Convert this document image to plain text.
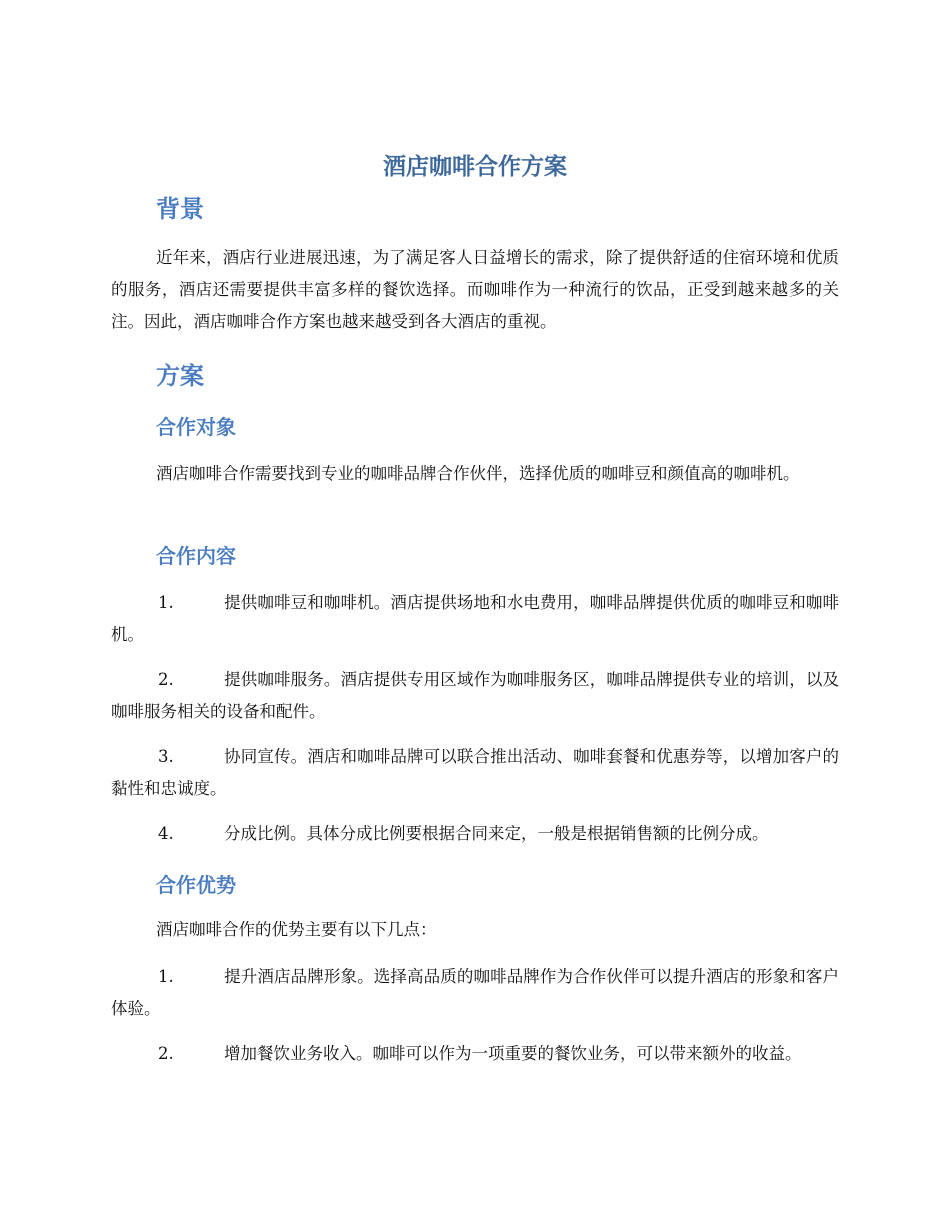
酒店咖啡合作方案
背景

近年来，酒店行业进展迅速，为了满足客人日益增长的需求，除了提供舒适的住宿环境和优质的服务，酒店还需要提供丰富多样的餐饮选择。而咖啡作为一种流行的饮品，正受到越来越多的关注。因此，酒店咖啡合作方案也越来越受到各大酒店的重视。

方案
合作对象

酒店咖啡合作需要找到专业的咖啡品牌合作伙伴，选择优质的咖啡豆和颜值高的咖啡机。

合作内容

1.	提供咖啡豆和咖啡机。酒店提供场地和水电费用，咖啡品牌提供优质的咖啡豆和咖啡机。

2.	提供咖啡服务。酒店提供专用区域作为咖啡服务区，咖啡品牌提供专业的培训，以及咖啡服务相关的设备和配件。

3.	协同宣传。酒店和咖啡品牌可以联合推出活动、咖啡套餐和优惠券等，以增加客户的黏性和忠诚度。

4.	分成比例。具体分成比例要根据合同来定，一般是根据销售额的比例分成。

合作优势

酒店咖啡合作的优势主要有以下几点：

1.	提升酒店品牌形象。选择高品质的咖啡品牌作为合作伙伴可以提升酒店的形象和客户体验。

2.	增加餐饮业务收入。咖啡可以作为一项重要的餐饮业务，可以带来额外的收益。
